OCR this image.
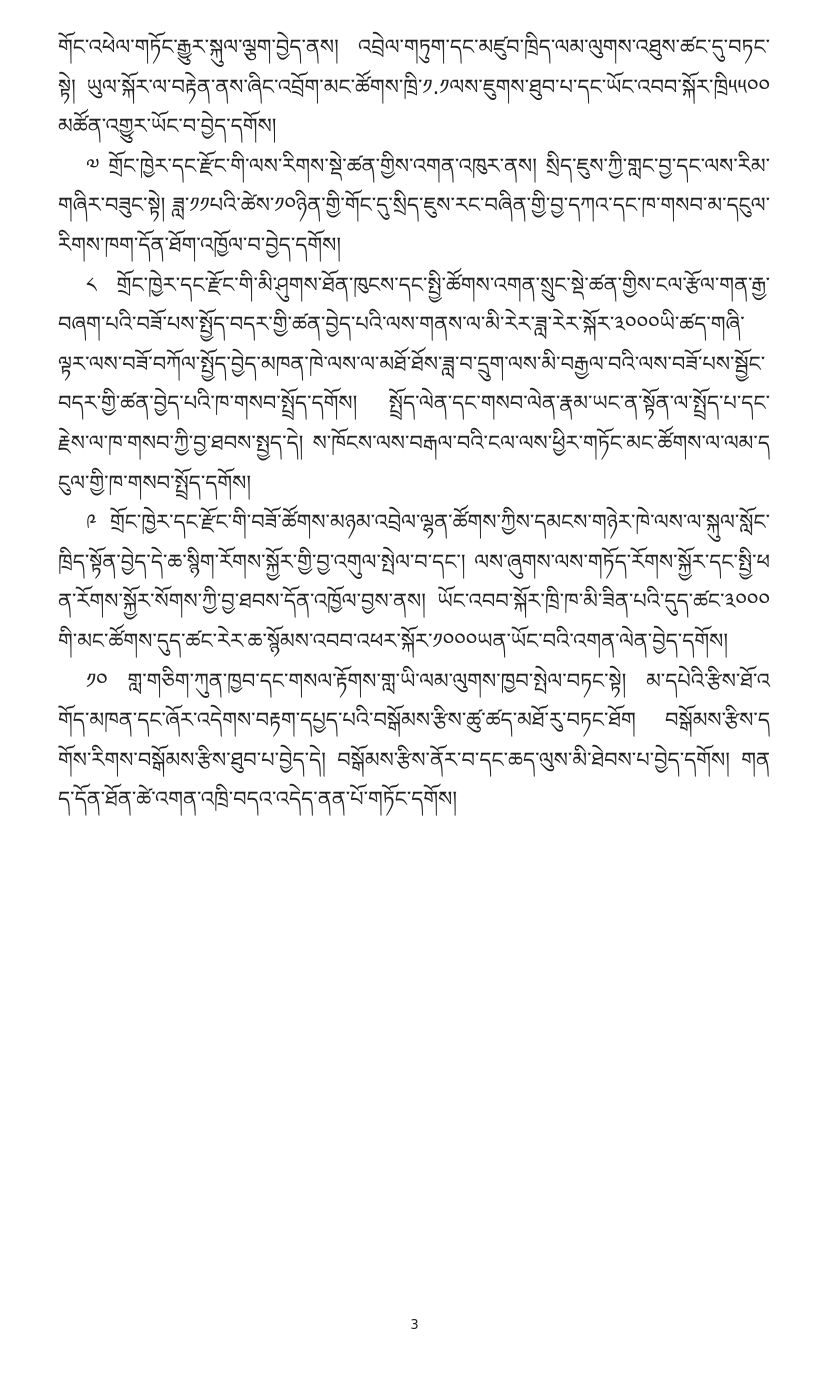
གོང་འཕེལ་གཏོང་རྒྱུར་སྐུལ་ལྕག་བྱེད་ནས། འབྲེལ་གཏུག་དང་མཛུབ་ཁྲིད་ལམ་ལུགས་འཐུས་ཚང་དུ་བཏང་སྟེ། ཡུལ་སྐོར་ལ་བརྟེན་ནས་ཞིང་འབྲོག་མང་ཚོགས་ཁྲི་༡.༡ལས་ཇུགས་ཐུབ་པ་དང་ཡོང་འབབ་སྐོར་ཁྲི༥༥༠༠མཚོན་འགྱུར་ཡོང་བ་བྱེད་དགོས།

༧ གྲོང་ཁྱེར་དང་རྫོང་གི་ལས་རིགས་སྡེ་ཚན་གྱིས་འགན་འཁུར་ནས། སྲིད་ཇུས་ཀྱི་གླང་བྱ་དང་ལས་རིམ་གཞིར་བཟུང་སྟེ། ཟླ་༡༡པའི་ཚེས་༡༠ཉིན་གྱི་གོང་དུ་སྲིད་ཇུས་རང་བཞིན་གྱི་བྱ་དཀའ་དང་ཁ་གསབ་མ་དངུལ་རིགས་ཁག་དོན་ཐོག་འཁྱོལ་བ་བྱེད་དགོས།

༨ གྲོང་ཁྱེར་དང་རྫོང་གི་མི་ཤུགས་ཐོན་ཁུངས་དང་སྤྱི་ཚོགས་འགན་སྲུང་སྡེ་ཚན་གྱིས་ངལ་རྩོལ་གན་རྒྱ་བཞག་པའི་བཟོ་པས་སྤྱོད་བདར་གྱི་ཚན་བྱེད་པའི་ལས་གནས་ལ་མི་རེར་ཟླ་རེར་སྐོར་༣༠༠༠ཡི་ཚད་གཞི་ལྟར་ལས་བཟོ་བཀོལ་སྤྱོད་བྱེད་མཁན་ཁེ་ལས་ལ་མཐོ་ཐོས་ཟླ་བ་དྲུག་ལས་མི་བརྒྱལ་བའི་ལས་བཟོ་པས་སྦྱོང་བདར་གྱི་ཚན་བྱེད་པའི་ཁ་གསབ་སྤྲོད་དགོས། སྤྲོད་ལེན་དང་གསབ་ལེན་རྣམ་ཡང་ན་སྟོན་ལ་སྤྲོད་པ་དང་རྗེས་ལ་ཁ་གསབ་ཀྱི་བྱ་ཐབས་སྤྱད་དེ། ས་ཁོངས་ལས་བརྒལ་བའི་ངལ་ལས་ཕྱིར་གཏོང་མང་ཚོགས་ལ་ལམ་དངུལ་གྱི་ཁ་གསབ་སྤྲོད་དགོས།

༩ གྲོང་ཁྱེར་དང་རྫོང་གི་བཟོ་ཚོགས་མཉམ་འབྲེལ་ལྷན་ཚོགས་ཀྱིས་དམངས་གཉེར་ཁེ་ལས་ལ་སྐུལ་སློང་ཁྲིད་སྟོན་བྱེད་དེ་ཆ་སྙིག་རོགས་སྐྱོར་གྱི་བྱ་འགུལ་སྤེལ་བ་དང་། ལས་ཞུགས་ལས་གཏོད་རོགས་སྐྱོར་དང་སྤྱི་ཕན་རོགས་སྐྱོར་སོགས་ཀྱི་བྱ་ཐབས་དོན་འཁྱོལ་བྱས་ནས། ཡོང་འབབ་སྐོར་ཁྲི་ཁ་མི་ཟིན་པའི་དུད་ཚང་༣༠༠༠གི་མང་ཚོགས་དུད་ཚང་རེར་ཆ་སྙོམས་འབབ་འཕར་སྐོར་༡༠༠༠ཡན་ཡོང་བའི་འགན་ལེན་བྱེད་དགོས།

༡༠ གླ་གཅིག་ཀུན་ཁྱབ་དང་གསལ་རྟོགས་གླ་ཡི་ལམ་ལུགས་ཁྱབ་སྤེལ་བཏང་སྟེ། མ་དཔེའི་རྩིས་ཐོ་འགོད་མཁན་དང་ཞོར་འདེགས་བརྟག་དཔྱད་པའི་བསྒོམས་རྩིས་ཚུ་ཚད་མཐོ་རུ་བཏང་ཐོག བསྒོམས་རྩིས་དགོས་རིགས་བསྒོམས་རྩིས་ཐུབ་པ་བྱེད་དེ། བསྒོམས་རྩིས་ནོར་བ་དང་ཆད་ལུས་མི་ཐེབས་པ་བྱེད་དགོས། གནད་དོན་ཐོན་ཚེ་འགན་འཁྲི་བདའ་འདེད་ནན་པོ་གཏོང་དགོས།

3
